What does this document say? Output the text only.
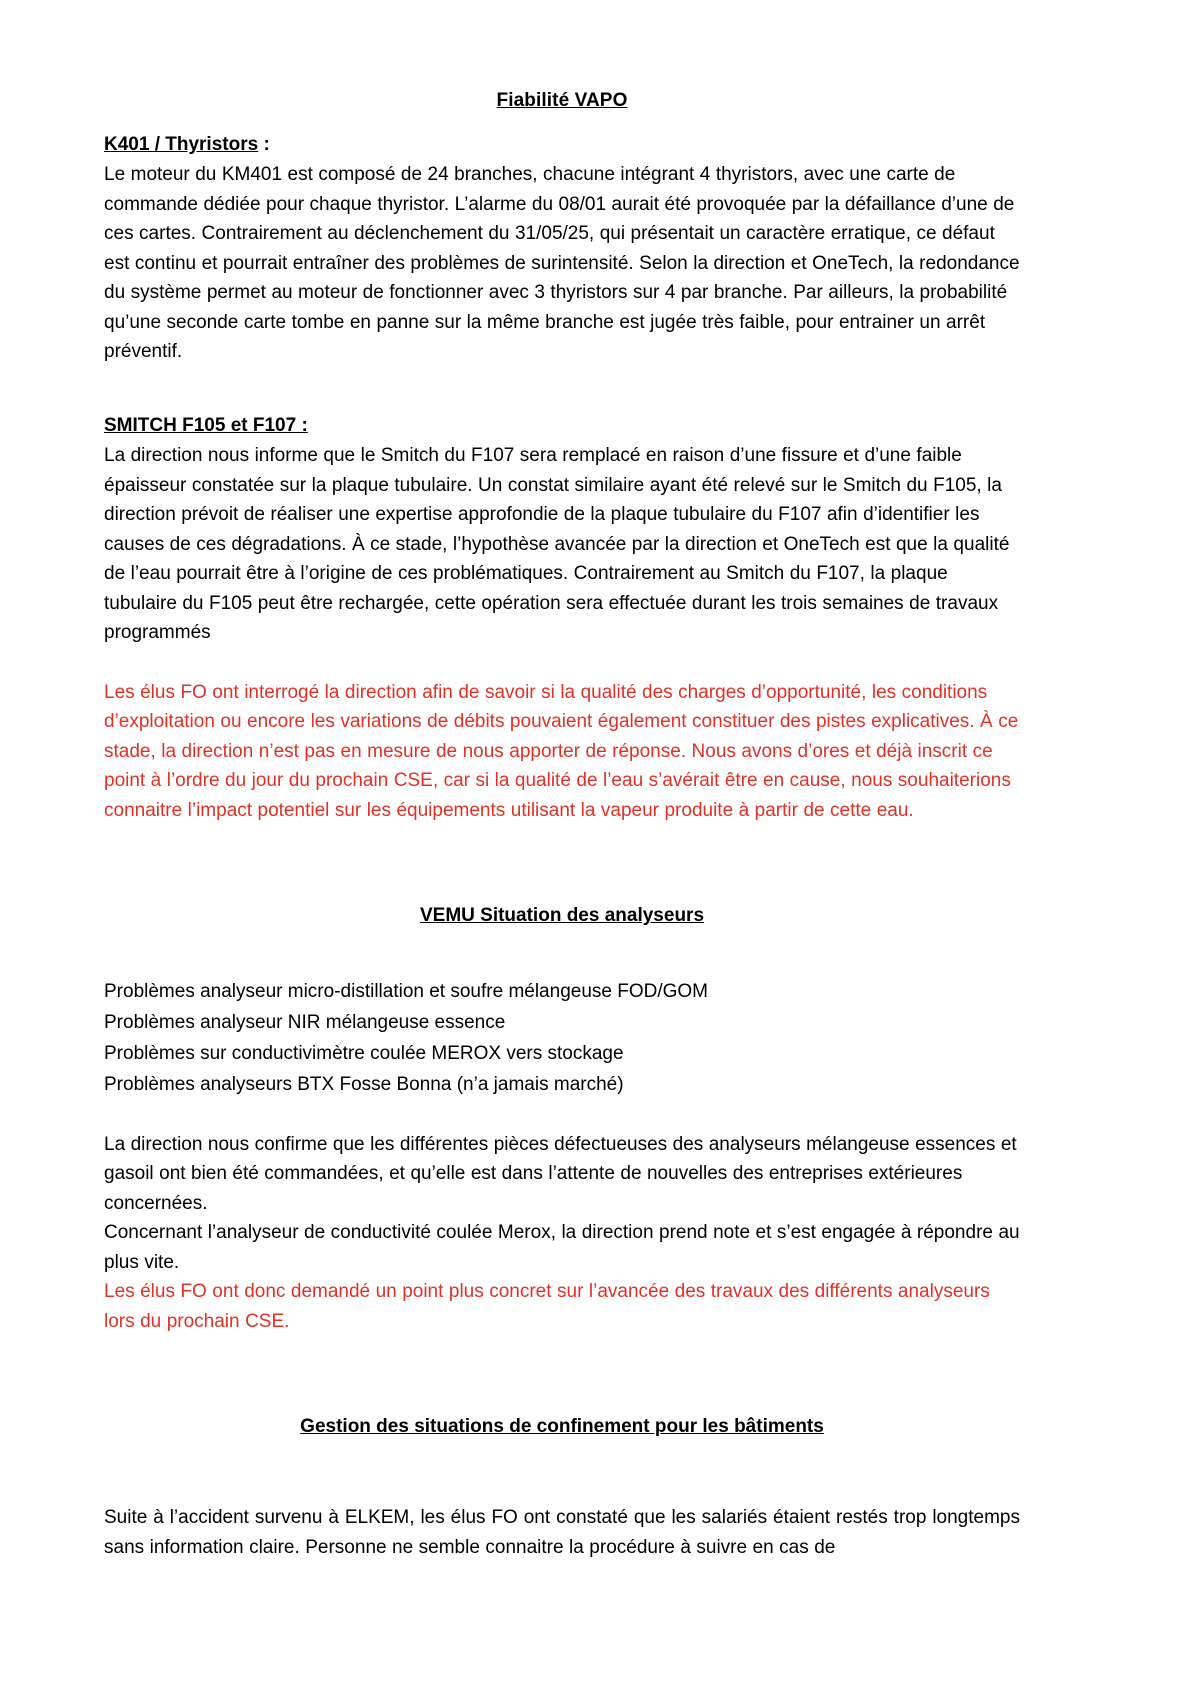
Fiabilité VAPO
K401 / Thyristors :

Le moteur du KM401 est composé de 24 branches, chacune intégrant 4 thyristors, avec une carte de commande dédiée pour chaque thyristor. L’alarme du 08/01 aurait été provoquée par la défaillance d’une de ces cartes. Contrairement au déclenchement du 31/05/25, qui présentait un caractère erratique, ce défaut est continu et pourrait entraîner des problèmes de surintensité. Selon la direction et OneTech, la redondance du système permet au moteur de fonctionner avec 3 thyristors sur 4 par branche. Par ailleurs, la probabilité qu’une seconde carte tombe en panne sur la même branche est jugée très faible, pour entrainer un arrêt préventif.

SMITCH F105 et F107 :

La direction nous informe que le Smitch du F107 sera remplacé en raison d’une fissure et d’une faible épaisseur constatée sur la plaque tubulaire. Un constat similaire ayant été relevé sur le Smitch du F105, la direction prévoit de réaliser une expertise approfondie de la plaque tubulaire du F107 afin d’identifier les causes de ces dégradations. À ce stade, l’hypothèse avancée par la direction et OneTech est que la qualité de l’eau pourrait être à l’origine de ces problématiques. Contrairement au Smitch du F107, la plaque tubulaire du F105 peut être rechargée, cette opération sera effectuée durant les trois semaines de travaux programmés

Les élus FO ont interrogé la direction afin de savoir si la qualité des charges d’opportunité, les conditions d’exploitation ou encore les variations de débits pouvaient également constituer des pistes explicatives. À ce stade, la direction n’est pas en mesure de nous apporter de réponse. Nous avons d’ores et déjà inscrit ce point à l’ordre du jour du prochain CSE, car si la qualité de l’eau s’avérait être en cause, nous souhaiterions connaitre l’impact potentiel sur les équipements utilisant la vapeur produite à partir de cette eau.

VEMU Situation des analyseurs

Problèmes analyseur micro-distillation et soufre mélangeuse FOD/GOM

Problèmes analyseur NIR mélangeuse essence

Problèmes sur conductivimètre coulée MEROX vers stockage

Problèmes analyseurs BTX Fosse Bonna (n’a jamais marché)

La direction nous confirme que les différentes pièces défectueuses des analyseurs mélangeuse essences et gasoil ont bien été commandées, et qu’elle est dans l’attente de nouvelles des entreprises extérieures concernées.

Concernant l’analyseur de conductivité coulée Merox, la direction prend note et s’est engagée à répondre au plus vite.

Les élus FO ont donc demandé un point plus concret sur l’avancée des travaux des différents analyseurs lors du prochain CSE.

Gestion des situations de confinement pour les bâtiments

Suite à l’accident survenu à ELKEM, les élus FO ont constaté que les salariés étaient restés trop longtemps sans information claire. Personne ne semble connaitre la procédure à suivre en cas de
